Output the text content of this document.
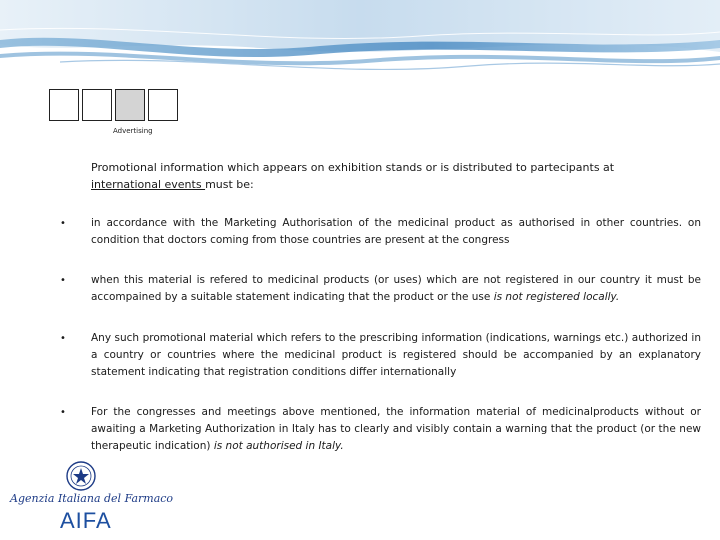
Advertising
Promotional information which appears on exhibition stands or is distributed to partecipants at
international events must be:
• in accordance with the Marketing Authorisation of the medicinal product as authorised in other countries. on condition that doctors coming from those countries are present at the congress
• when this material is refered to medicinal products (or uses) which are not registered in our country it must be accompained by a suitable statement indicating that the product or the use is not registered locally.
• Any such promotional material which refers to the prescribing information (indications, warnings etc.) authorized in a country or countries where the medicinal product is registered should be accompanied by an explanatory statement indicating that registration conditions differ internationally
• For the congresses and meetings above mentioned, the information material of medicinalproducts without or awaiting a Marketing Authorization in Italy has to clearly and visibly contain a warning that the product (or the new therapeutic indication) is not authorised in Italy.
Agenzia Italiana del Farmaco
AIFA
